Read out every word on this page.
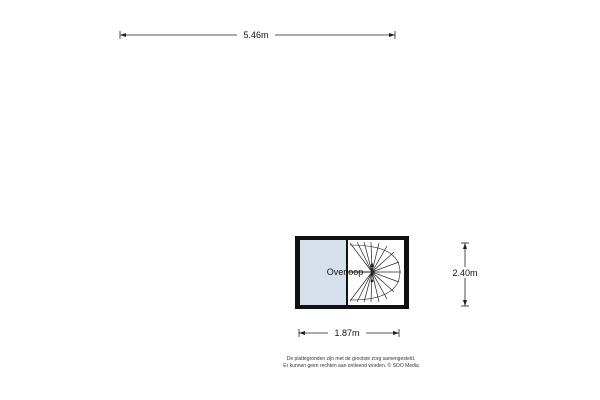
5.46m
Overloop	2.40m
1.87m
De plattegronden zijn met de grootste zorg samengesteld.
Er kunnen geen rechten aan ontleend worden. © SOO Media
